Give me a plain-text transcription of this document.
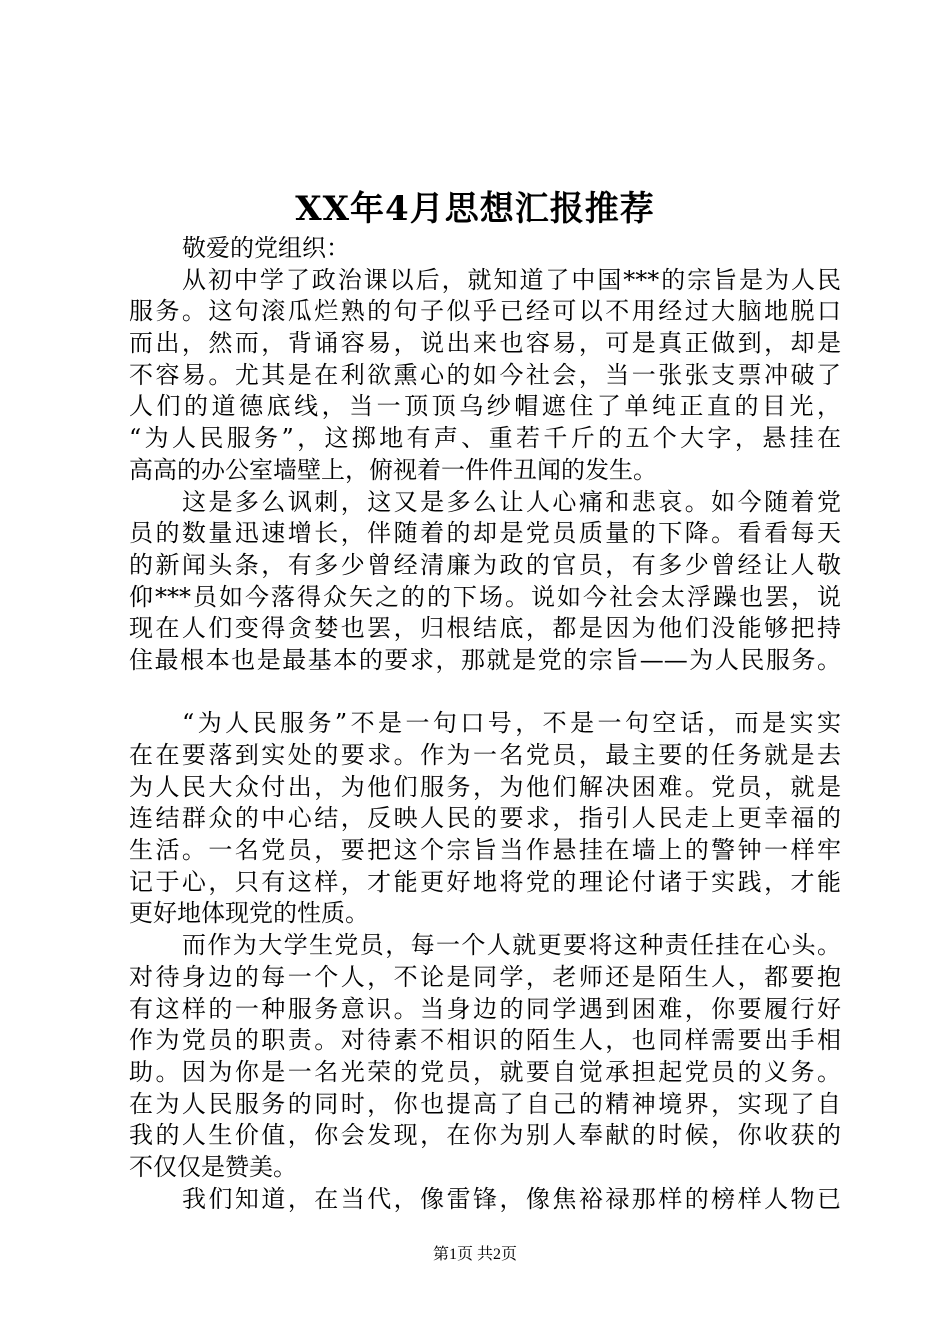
XX年4月思想汇报推荐
敬爱的党组织：
从初中学了政治课以后，就知道了中国***的宗旨是为人民
服务。这句滚瓜烂熟的句子似乎已经可以不用经过大脑地脱口
而出，然而，背诵容易，说出来也容易，可是真正做到，却是
不容易。尤其是在利欲熏心的如今社会，当一张张支票冲破了
人们的道德底线，当一顶顶乌纱帽遮住了单纯正直的目光，
“为人民服务”，这掷地有声、重若千斤的五个大字，悬挂在
高高的办公室墙壁上，俯视着一件件丑闻的发生。
这是多么讽刺，这又是多么让人心痛和悲哀。如今随着党
员的数量迅速增长，伴随着的却是党员质量的下降。看看每天
的新闻头条，有多少曾经清廉为政的官员，有多少曾经让人敬
仰***员如今落得众矢之的的下场。说如今社会太浮躁也罢，说
现在人们变得贪婪也罢，归根结底，都是因为他们没能够把持
住最根本也是最基本的要求，那就是党的宗旨——为人民服务。
“为人民服务”不是一句口号，不是一句空话，而是实实
在在要落到实处的要求。作为一名党员，最主要的任务就是去
为人民大众付出，为他们服务，为他们解决困难。党员，就是
连结群众的中心结，反映人民的要求，指引人民走上更幸福的
生活。一名党员，要把这个宗旨当作悬挂在墙上的警钟一样牢
记于心，只有这样，才能更好地将党的理论付诸于实践，才能
更好地体现党的性质。
而作为大学生党员，每一个人就更要将这种责任挂在心头。
对待身边的每一个人，不论是同学，老师还是陌生人，都要抱
有这样的一种服务意识。当身边的同学遇到困难，你要履行好
作为党员的职责。对待素不相识的陌生人，也同样需要出手相
助。因为你是一名光荣的党员，就要自觉承担起党员的义务。
在为人民服务的同时，你也提高了自己的精神境界，实现了自
我的人生价值，你会发现，在你为别人奉献的时候，你收获的
不仅仅是赞美。
我们知道，在当代，像雷锋，像焦裕禄那样的榜样人物已
第1页 共2页
